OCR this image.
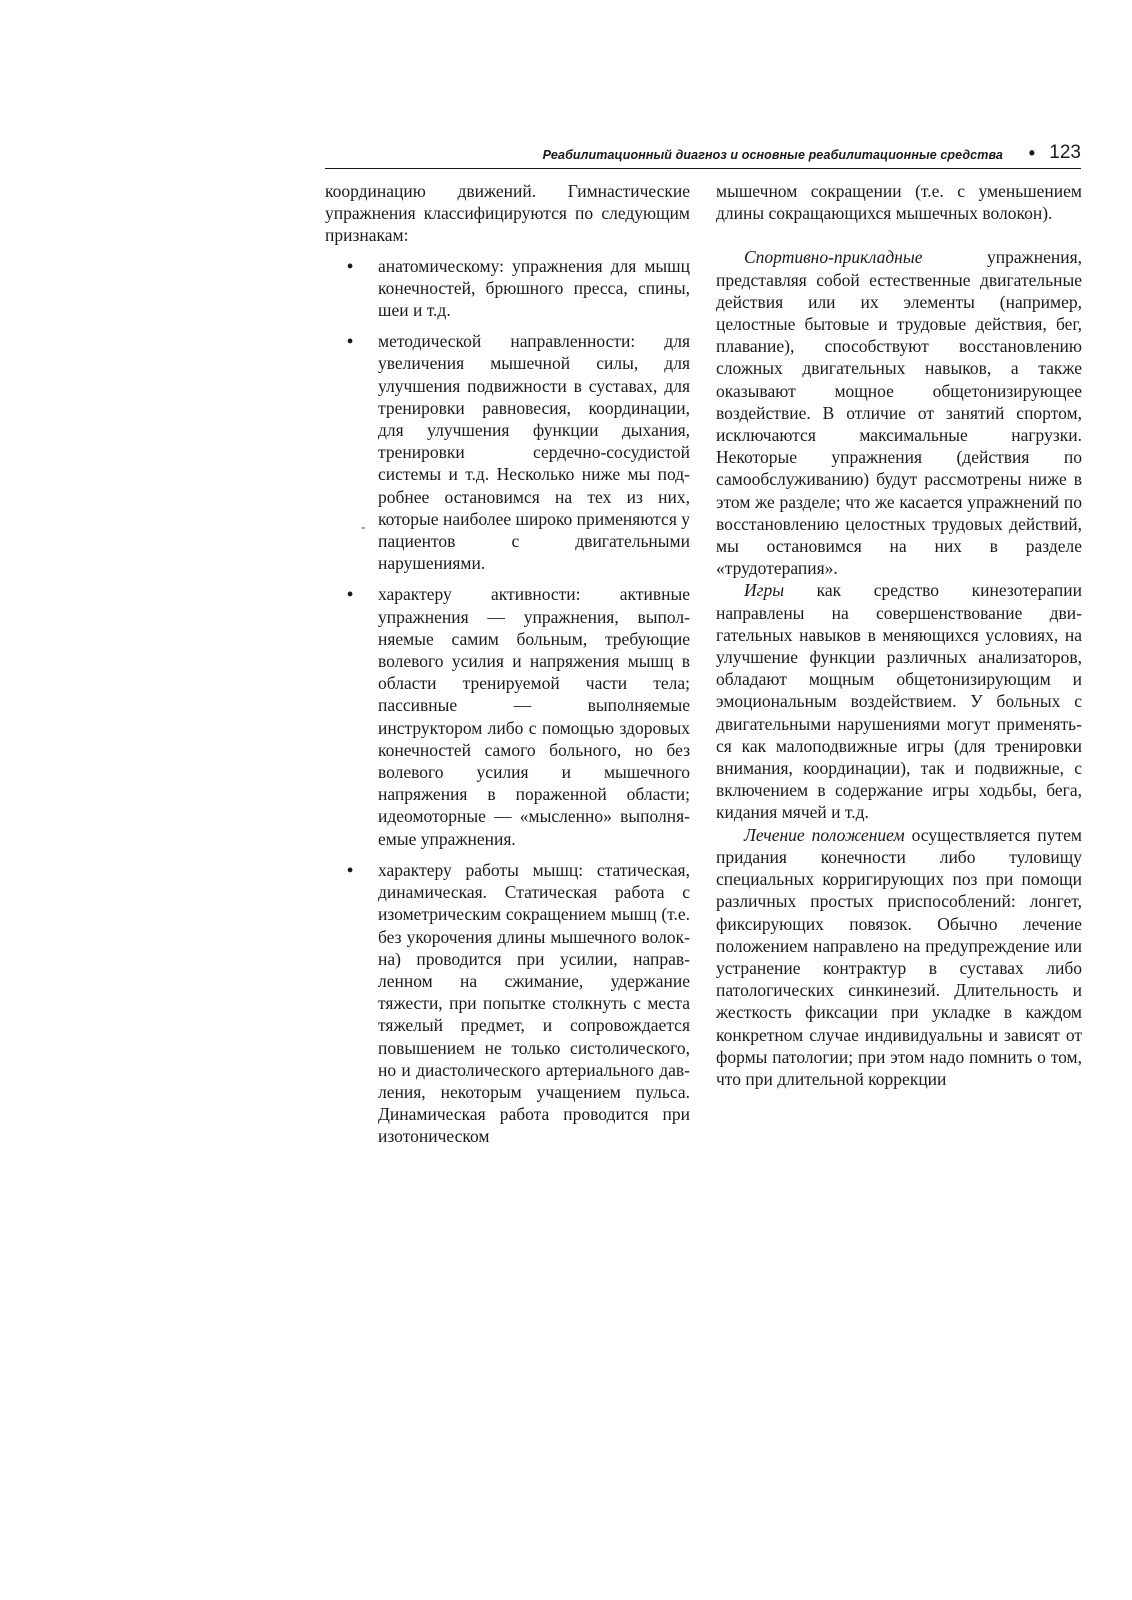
Реабилитационный диагноз и основные реабилитационные средства • 123

координацию движений. Гимнастические упражнения классифицируются по следующим признакам:

• анатомическому: упражнения для мышц конечностей, брюшного пресса, спины, шеи и т.д.
• методической направленности: для увеличения мышечной силы, для улучшения подвижности в суставах, для тренировки равновесия, координации, для улучшения функции дыхания, тренировки сердечно-сосудистой системы и т.д. Несколько ниже мы подробнее остановимся на тех из них, которые наиболее широко применяются у пациентов с двигательными нарушениями.
• характеру активности: активные упражнения — упражнения, выполняемые самим больным, требующие волевого усилия и напряжения мышц в области тренируемой части тела; пассивные — выполняемые инструктором либо с помощью здоровых конечностей самого больного, но без волевого усилия и мышечного напряжения в пораженной области; идеомоторные — «мысленно» выполняемые упражнения.
• характеру работы мышц: статическая, динамическая. Статическая работа с изометрическим сокращением мышц (т.е. без укорочения длины мышечного волокна) проводится при усилии, направленном на сжимание, удержание тяжести, при попытке столкнуть с места тяжелый предмет, и сопровождается повышением не только систолического, но и диастолического артериального давления, некоторым учащением пульса. Динамическая работа проводится при изотоническом
-

мышечном сокращении (т.е. с уменьшением длины сокращающихся мышечных волокон).

Спортивно-прикладные упражнения, представляя собой естественные двигательные действия или их элементы (например, целостные бытовые и трудовые действия, бег, плавание), способствуют восстановлению сложных двигательных навыков, а также оказывают мощное общетонизирующее воздействие. В отличие от занятий спортом, исключаются максимальные нагрузки. Некоторые упражнения (действия по самообслуживанию) будут рассмотрены ниже в этом же разделе; что же касается упражнений по восстановлению целостных трудовых действий, мы остановимся на них в разделе «трудотерапия».

Игры как средство кинезотерапии направлены на совершенствование двигательных навыков в меняющихся условиях, на улучшение функции различных анализаторов, обладают мощным общетонизирующим и эмоциональным воздействием. У больных с двигательными нарушениями могут применяться как малоподвижные игры (для тренировки внимания, координации), так и подвижные, с включением в содержание игры ходьбы, бега, кидания мячей и т.д.

Лечение положением осуществляется путем придания конечности либо туловищу специальных корригирующих поз при помощи различных простых приспособлений: лонгет, фиксирующих повязок. Обычно лечение положением направлено на предупреждение или устранение контрактур в суставах либо патологических синкинезий. Длительность и жесткость фиксации при укладке в каждом конкретном случае индивидуальны и зависят от формы патологии; при этом надо помнить о том, что при длительной коррекции
